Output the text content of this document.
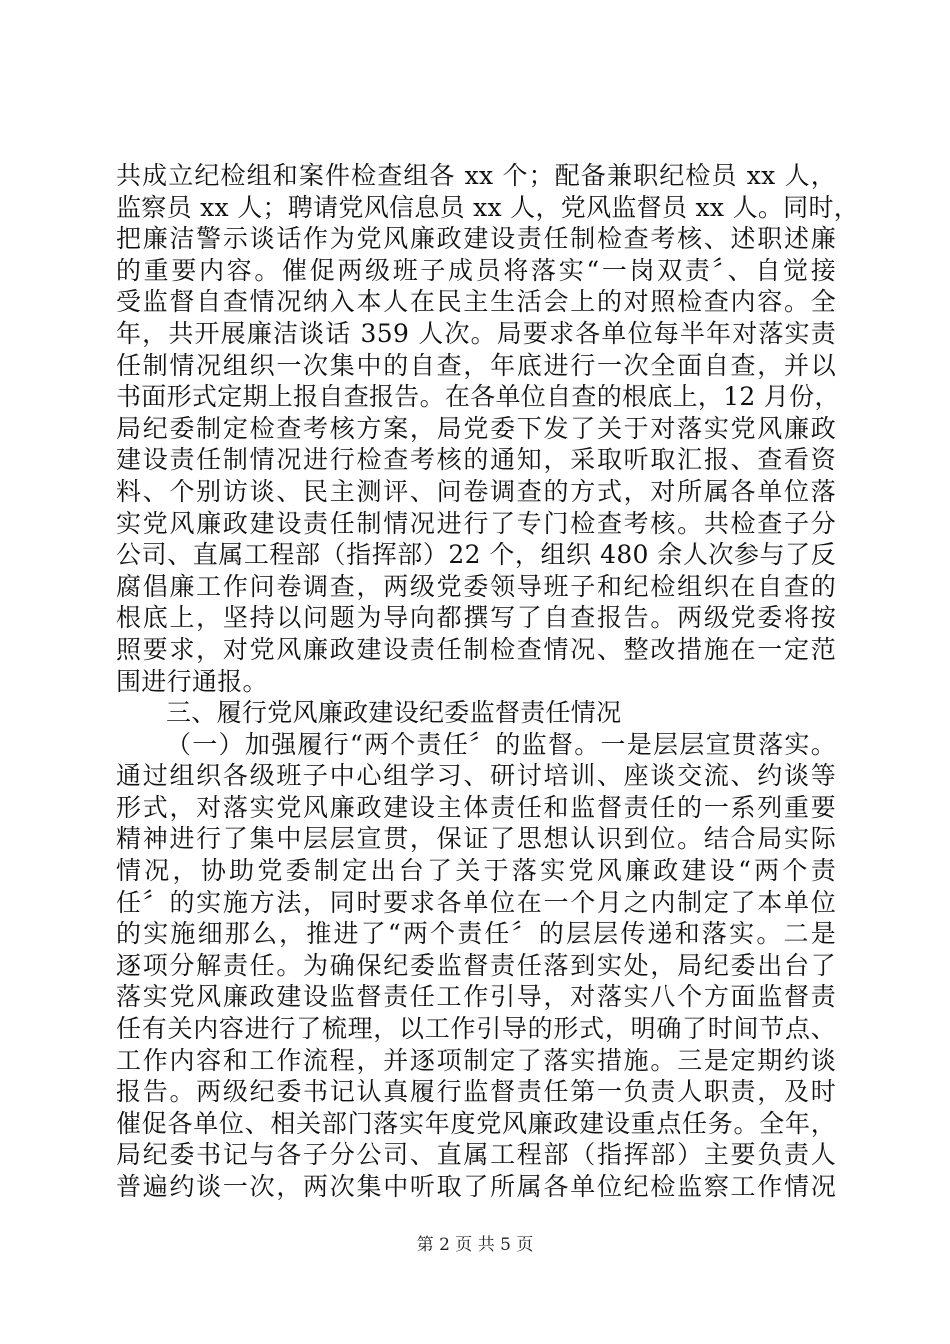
共成立纪检组和案件检查组各 xx 个；配备兼职纪检员 xx 人，
监察员 xx 人；聘请党风信息员 xx 人，党风监督员 xx 人。同时，
把廉洁警示谈话作为党风廉政建设责任制检查考核、述职述廉
的重要内容。催促两级班子成员将落实“一岗双责〞、自觉接
受监督自查情况纳入本人在民主生活会上的对照检查内容。全
年，共开展廉洁谈话 359 人次。局要求各单位每半年对落实责
任制情况组织一次集中的自查，年底进行一次全面自查，并以
书面形式定期上报自查报告。在各单位自查的根底上，12 月份，
局纪委制定检查考核方案，局党委下发了关于对落实党风廉政
建设责任制情况进行检查考核的通知，采取听取汇报、查看资
料、个别访谈、民主测评、问卷调查的方式，对所属各单位落
实党风廉政建设责任制情况进行了专门检查考核。共检查子分
公司、直属工程部（指挥部）22 个，组织 480 余人次参与了反
腐倡廉工作问卷调查，两级党委领导班子和纪检组织在自查的
根底上，坚持以问题为导向都撰写了自查报告。两级党委将按
照要求，对党风廉政建设责任制检查情况、整改措施在一定范
围进行通报。
三、履行党风廉政建设纪委监督责任情况
（一）加强履行“两个责任〞的监督。一是层层宣贯落实。
通过组织各级班子中心组学习、研讨培训、座谈交流、约谈等
形式，对落实党风廉政建设主体责任和监督责任的一系列重要
精神进行了集中层层宣贯，保证了思想认识到位。结合局实际
情况，协助党委制定出台了关于落实党风廉政建设“两个责
任〞的实施方法，同时要求各单位在一个月之内制定了本单位
的实施细那么，推进了“两个责任〞的层层传递和落实。二是
逐项分解责任。为确保纪委监督责任落到实处，局纪委出台了
落实党风廉政建设监督责任工作引导，对落实八个方面监督责
任有关内容进行了梳理，以工作引导的形式，明确了时间节点、
工作内容和工作流程，并逐项制定了落实措施。三是定期约谈
报告。两级纪委书记认真履行监督责任第一负责人职责，及时
催促各单位、相关部门落实年度党风廉政建设重点任务。全年，
局纪委书记与各子分公司、直属工程部（指挥部）主要负责人
普遍约谈一次，两次集中听取了所属各单位纪检监察工作情况
第 2 页 共 5 页
